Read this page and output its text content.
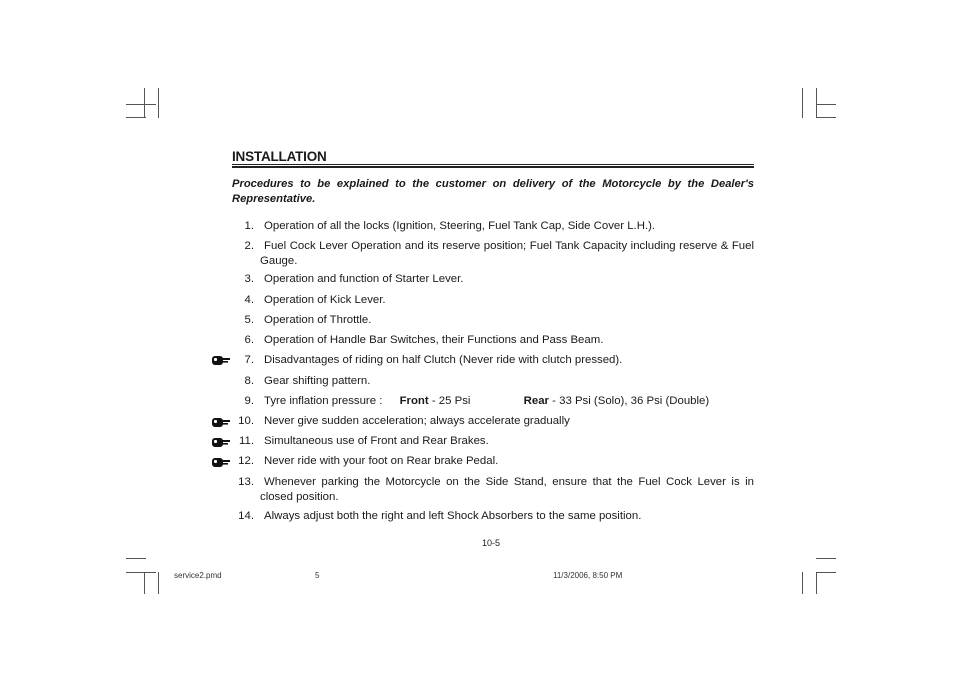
INSTALLATION
Procedures to be explained to the customer on delivery of the Motorcycle by the Dealer's Representative.
1. Operation of all the locks (Ignition, Steering, Fuel Tank Cap, Side Cover L.H.).
2. Fuel Cock Lever Operation and its reserve position; Fuel Tank Capacity including reserve & Fuel Gauge.
3. Operation and function of Starter Lever.
4. Operation of Kick Lever.
5. Operation of Throttle.
6. Operation of Handle Bar Switches, their Functions and Pass Beam.
7. Disadvantages of riding on half Clutch (Never ride with clutch pressed).
8. Gear shifting pattern.
9. Tyre inflation pressure : Front - 25 Psi	Rear - 33 Psi (Solo), 36 Psi (Double)
10. Never give sudden acceleration; always accelerate gradually
11. Simultaneous use of Front and Rear Brakes.
12. Never ride with your foot on Rear brake Pedal.
13. Whenever parking the Motorcycle on the Side Stand, ensure that the Fuel Cock Lever is in closed position.
14. Always adjust both the right and left Shock Absorbers to the same position.
10-5
service2.pmd	5	11/3/2006, 8:50 PM
